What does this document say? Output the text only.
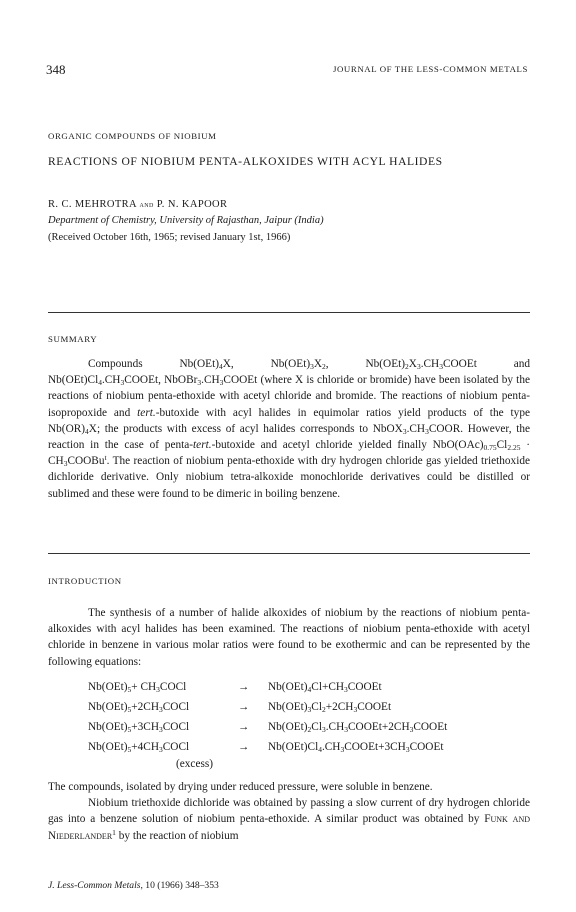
348	JOURNAL OF THE LESS-COMMON METALS
ORGANIC COMPOUNDS OF NIOBIUM
REACTIONS OF NIOBIUM PENTA-ALKOXIDES WITH ACYL HALIDES
R. C. MEHROTRA and P. N. KAPOOR
Department of Chemistry, University of Rajasthan, Jaipur (India)
(Received October 16th, 1965; revised January 1st, 1966)
SUMMARY

Compounds    $Nb(OEt)_4X$,    $Nb(OEt)_3X_2$,    $Nb(OEt)_2X_3.CH_3COOEt$    and $Nb(OEt)Cl_4.CH_3COOEt$, $NbOBr_3.CH_3COOEt$ (where X is chloride or bromide) have been isolated by the reactions of niobium penta-ethoxide with acetyl chloride and bromide. The reactions of niobium penta-isopropoxide and tert.-butoxide with acyl halides in equimolar ratios yield products of the type $Nb(OR)_4X$; the products with excess of acyl halides corresponds to $NbOX_3.CH_3COOR$. However, the reaction in the case of penta-tert.-butoxide and acetyl chloride yielded finally $NbO(OAc)_{0.75}Cl_{2.25}$ · $CH_3COOBu^t$. The reaction of niobium penta-ethoxide with dry hydrogen chloride gas yielded triethoxide dichloride derivative. Only niobium tetra-alkoxide monochloride derivatives could be distilled or sublimed and these were found to be dimeric in boiling benzene.

INTRODUCTION
The synthesis of a number of halide alkoxides of niobium by the reactions of niobium penta-alkoxides with acyl halides has been examined. The reactions of niobium penta-ethoxide with acetyl chloride in benzene in various molar ratios were found to be exothermic and can be represented by the following equations:
$Nb(OEt)_5+$ $CH_3COCl$	→ $Nb(OEt)_4Cl+CH_3COOEt$
$Nb(OEt)_5+2CH_3COCl$	→ $Nb(OEt)_3Cl_2+2CH_3COOEt$
$Nb(OEt)_5+3CH_3COCl$	→ $Nb(OEt)_2Cl_3.CH_3COOEt+2CH_3COOEt$
$Nb(OEt)_5+4CH_3COCl$	→ $Nb(OEt)Cl_4.CH_3COOEt+3CH_3COOEt$
(excess)
The compounds, isolated by drying under reduced pressure, were soluble in benzene.
Niobium triethoxide dichloride was obtained by passing a slow current of dry hydrogen chloride gas into a benzene solution of niobium penta-ethoxide. A similar product was obtained by Funk and Niederlander$^1$ by the reaction of niobium
J. Less-Common Metals, 10 (1966) 348–353
